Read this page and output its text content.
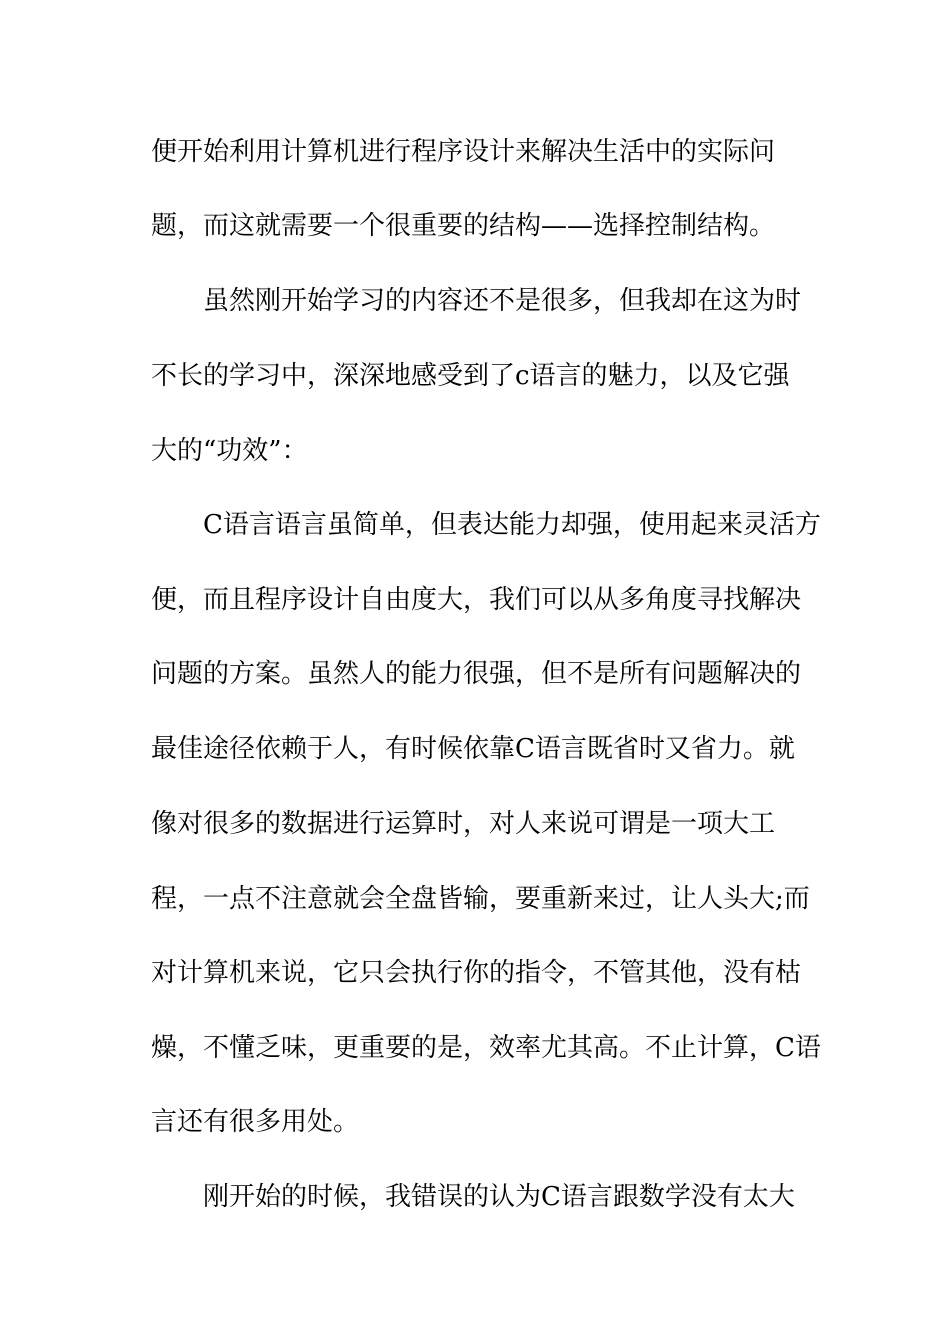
便开始利用计算机进行程序设计来解决生活中的实际问
题，而这就需要一个很重要的结构——选择控制结构。
虽然刚开始学习的内容还不是很多，但我却在这为时
不长的学习中，深深地感受到了c语言的魅力，以及它强
大的“功效”：
C语言语言虽简单，但表达能力却强，使用起来灵活方
便，而且程序设计自由度大，我们可以从多角度寻找解决
问题的方案。虽然人的能力很强，但不是所有问题解决的
最佳途径依赖于人，有时候依靠C语言既省时又省力。就
像对很多的数据进行运算时，对人来说可谓是一项大工
程，一点不注意就会全盘皆输，要重新来过，让人头大;而
对计算机来说，它只会执行你的指令，不管其他，没有枯
燥，不懂乏味，更重要的是，效率尤其高。不止计算，C语
言还有很多用处。
刚开始的时候，我错误的认为C语言跟数学没有太大
